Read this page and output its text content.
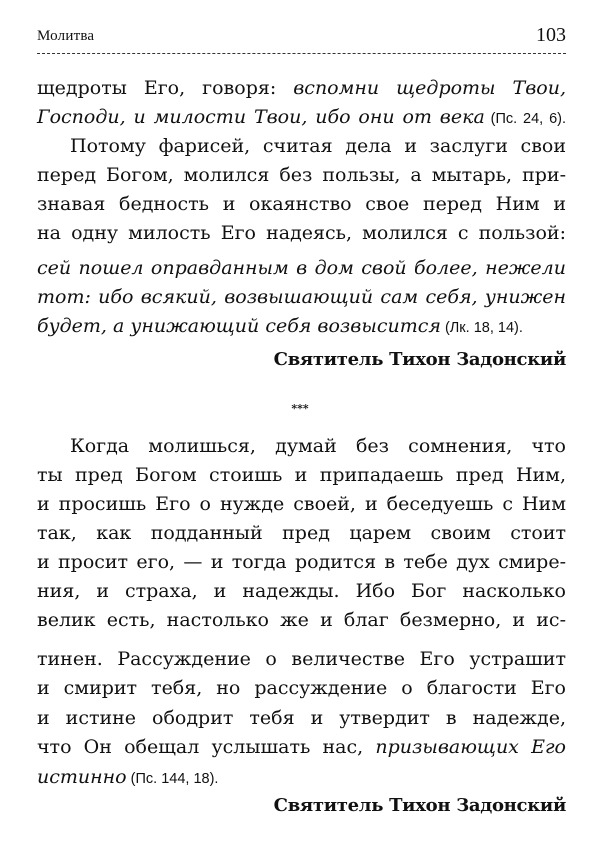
Молитва	103
щедроты Его, говоря: вспомни щедроты Твои,
Господи, и милости Твои, ибо они от века (Пс. 24, 6).
Потому фарисей, считая дела и заслуги свои
перед Богом, молился без пользы, а мытарь, при-
знавая бедность и окаянство свое перед Ним и
на одну милость Его надеясь, молился с пользой:
сей пошел оправданным в дом свой более, нежели
тот: ибо всякий, возвышающий сам себя, унижен
будет, а унижающий себя возвысится (Лк. 18, 14).
Святитель Тихон Задонский
***
Когда молишься, думай без сомнения, что
ты пред Богом стоишь и припадаешь пред Ним,
и просишь Его о нужде своей, и беседуешь с Ним
так, как подданный пред царем своим стоит
и просит его, — и тогда родится в тебе дух смире-
ния, и страха, и надежды. Ибо Бог насколько
велик есть, настолько же и благ безмерно, и ис-
тинен. Рассуждение о величестве Его устрашит
и смирит тебя, но рассуждение о благости Его
и истине ободрит тебя и утвердит в надежде,
что Он обещал услышать нас, призывающих Его
истинно (Пс. 144, 18).
Святитель Тихон Задонский
